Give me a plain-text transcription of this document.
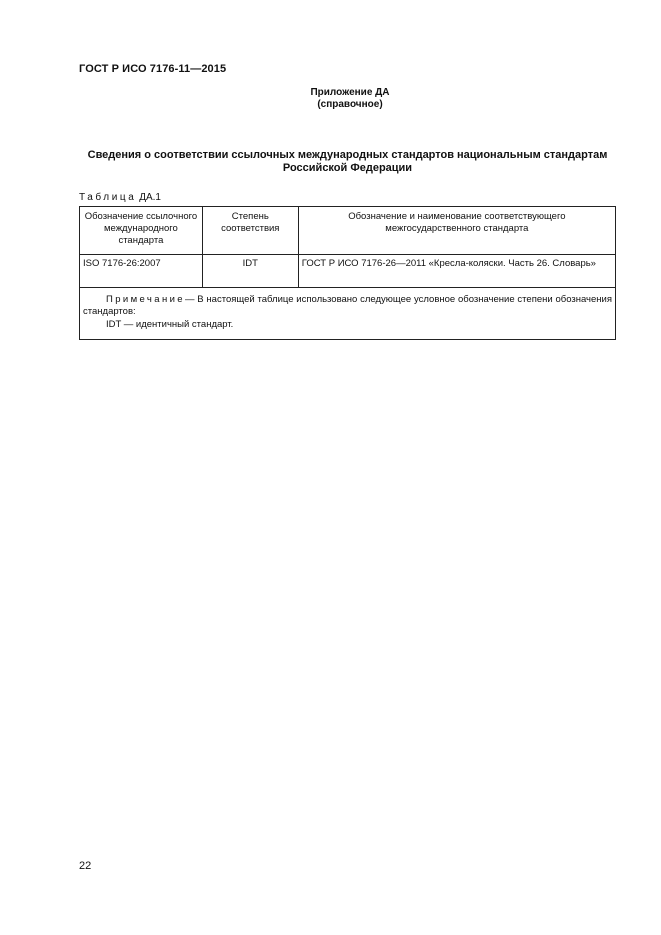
ГОСТ Р ИСО 7176-11—2015
Приложение ДА
(справочное)
Сведения о соответствии ссылочных международных стандартов национальным стандартам
Российской Федерации
Таблица ДА.1
Обозначение ссылочного международного стандарта	Степень соответствия	Обозначение и наименование соответствующего межгосударственного стандарта
ISO 7176-26:2007	IDT	ГОСТ Р ИСО 7176-26—2011 «Кресла-коляски. Часть 26. Словарь»

Примечание— В настоящей таблице использовано следующее условное обозначение степени обозначения стандартов:
IDT — идентичный стандарт.		
22
